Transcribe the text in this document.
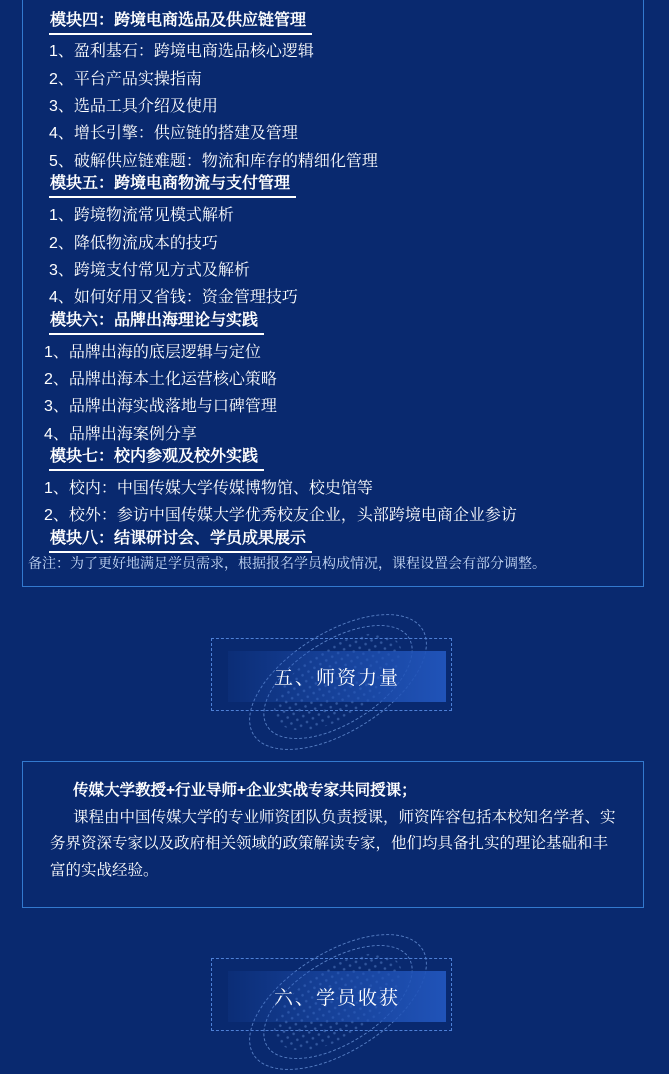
模块四：跨境电商选品及供应链管理
1、盈利基石：跨境电商选品核心逻辑
2、平台产品实操指南
3、选品工具介绍及使用
4、增长引擎：供应链的搭建及管理
5、破解供应链难题：物流和库存的精细化管理
模块五：跨境电商物流与支付管理
1、跨境物流常见模式解析
2、降低物流成本的技巧
3、跨境支付常见方式及解析
4、如何好用又省钱：资金管理技巧
模块六：品牌出海理论与实践
1、品牌出海的底层逻辑与定位
2、品牌出海本土化运营核心策略
3、品牌出海实战落地与口碑管理
4、品牌出海案例分享
模块七：校内参观及校外实践
1、校内：中国传媒大学传媒博物馆、校史馆等
2、校外：参访中国传媒大学优秀校友企业，头部跨境电商企业参访
模块八：结课研讨会、学员成果展示
备注：为了更好地满足学员需求，根据报名学员构成情况，课程设置会有部分调整。
五、师资力量

传媒大学教授+行业导师+企业实战专家共同授课；

课程由中国传媒大学的专业师资团队负责授课，师资阵容包括本校知名学者、实务界资深专家以及政府相关领域的政策解读专家，他们均具备扎实的理论基础和丰富的实战经验。

六、学员收获
